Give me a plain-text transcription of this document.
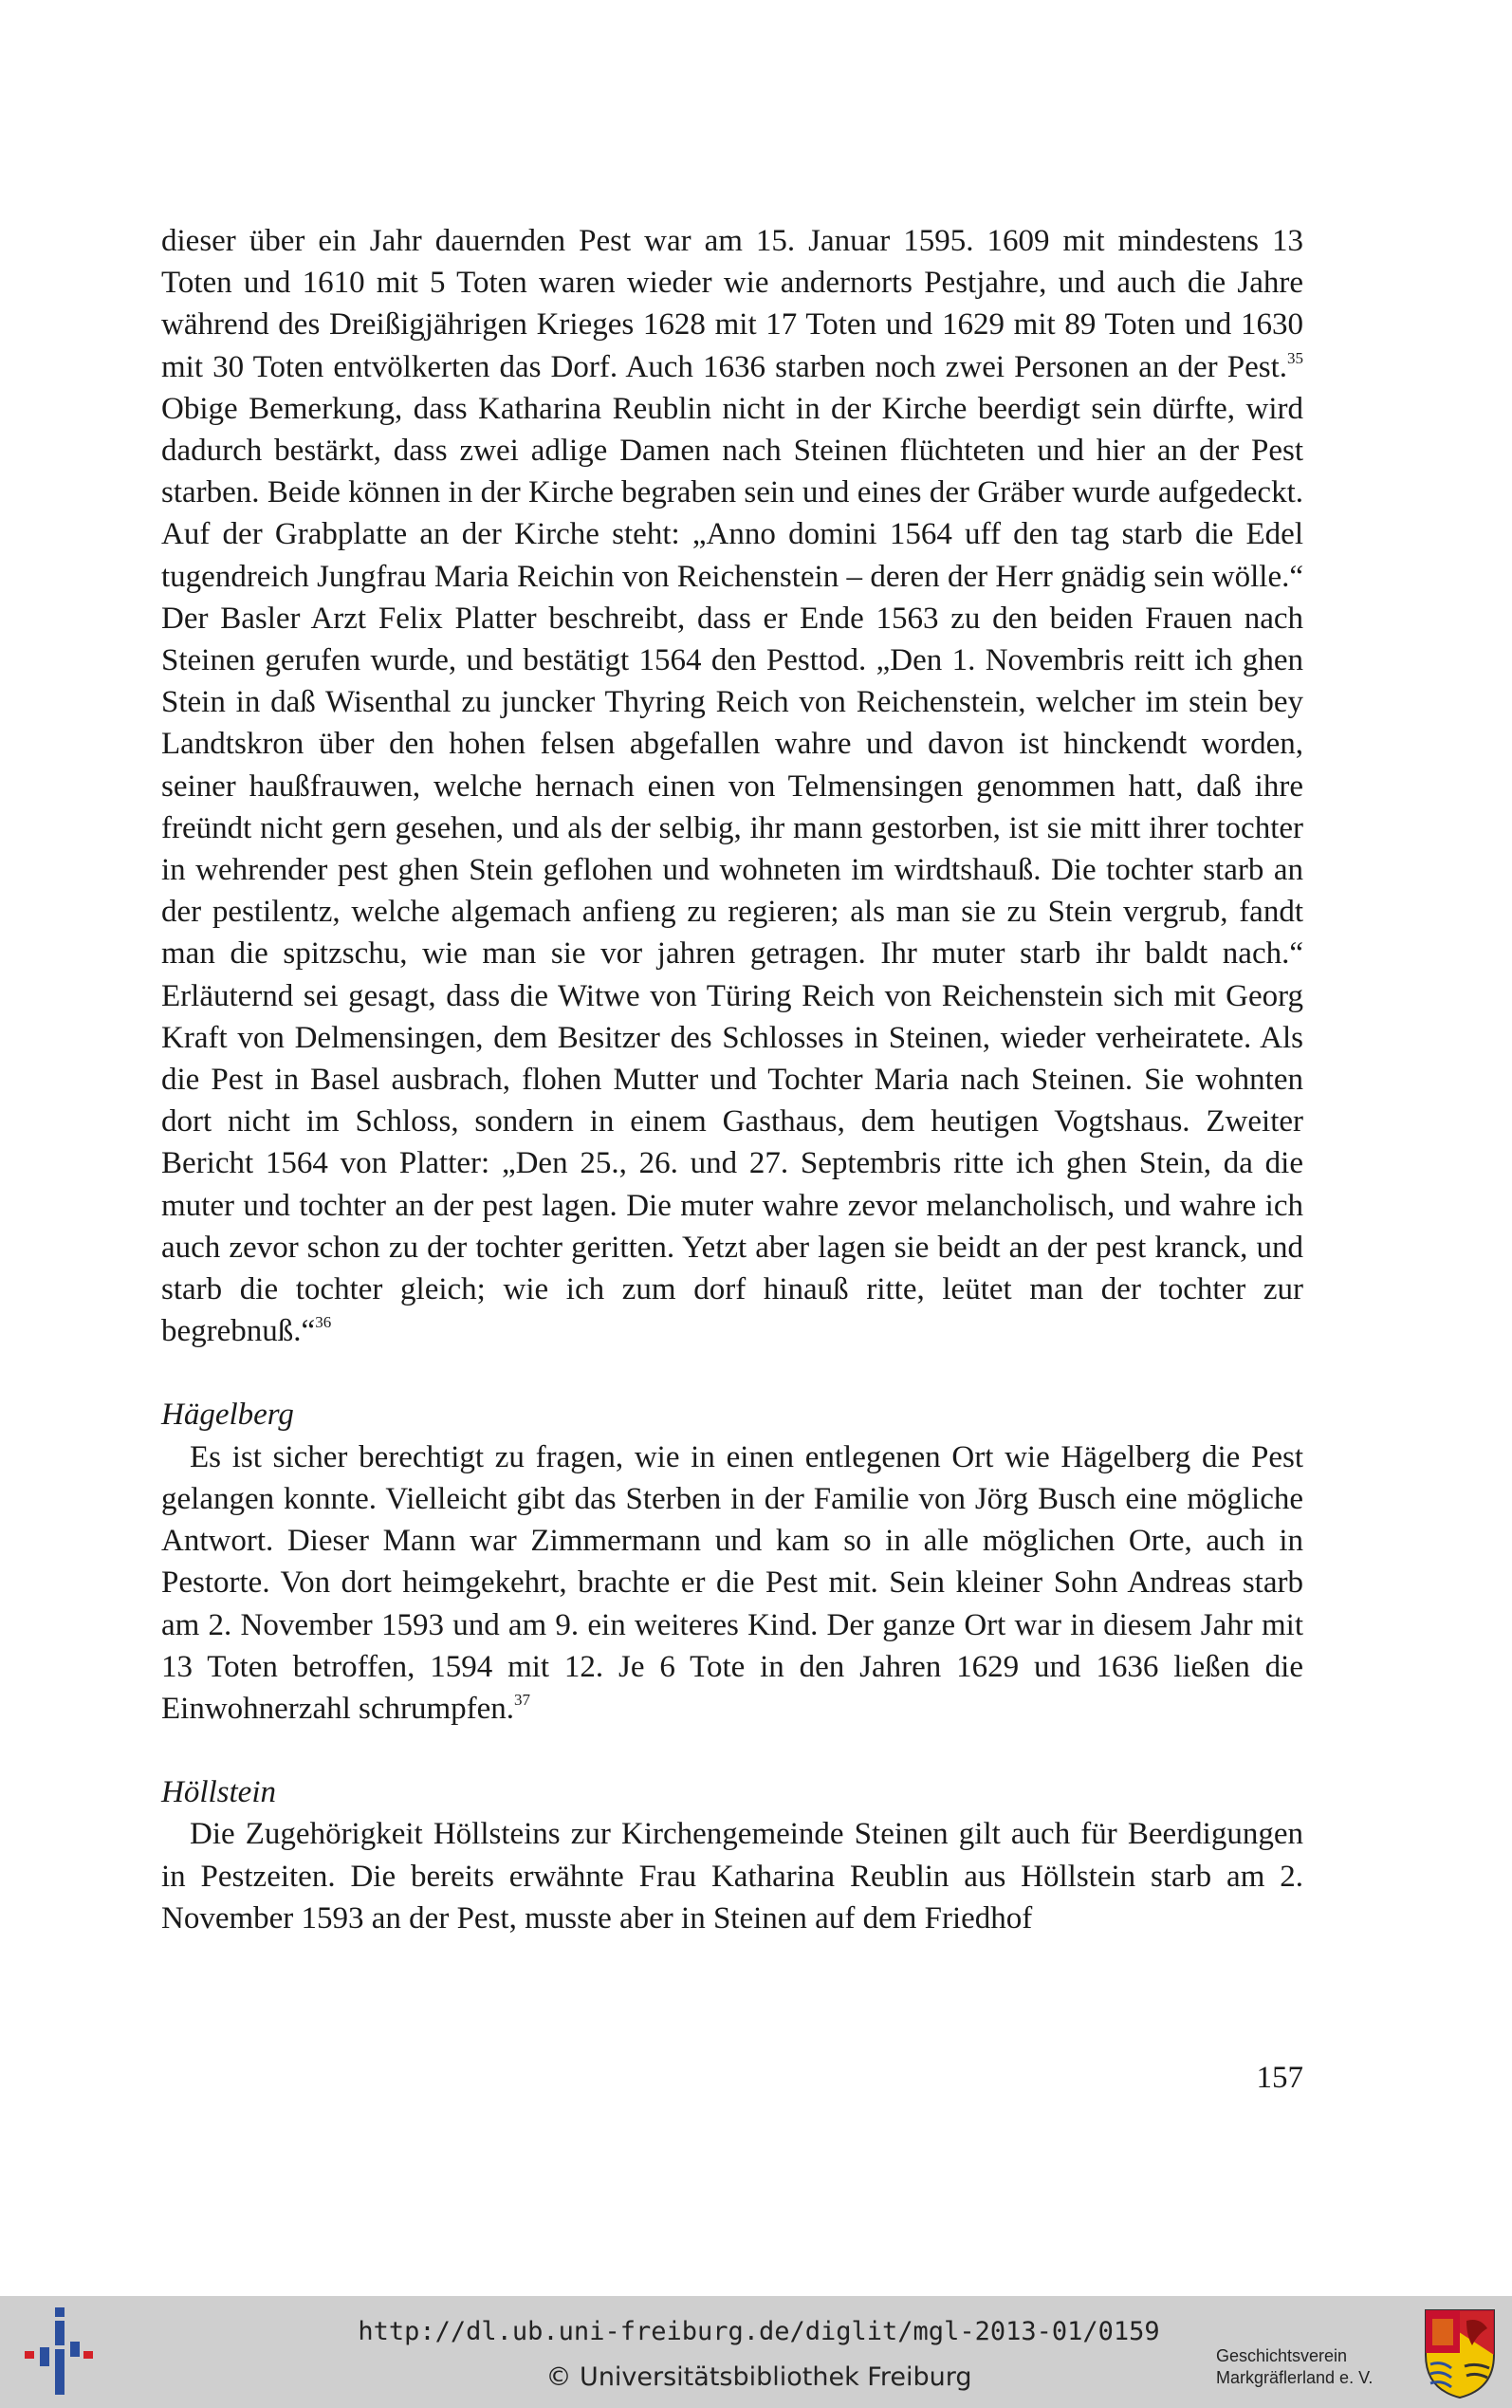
dieser über ein Jahr dauernden Pest war am 15. Januar 1595. 1609 mit mindestens 13 Toten und 1610 mit 5 Toten waren wieder wie andernorts Pestjahre, und auch die Jahre während des Dreißigjährigen Krieges 1628 mit 17 Toten und 1629 mit 89 Toten und 1630 mit 30 Toten entvölkerten das Dorf. Auch 1636 starben noch zwei Personen an der Pest.$^{35}$ Obige Bemerkung, dass Katharina Reublin nicht in der Kirche beerdigt sein dürfte, wird dadurch bestärkt, dass zwei adlige Damen nach Steinen flüchteten und hier an der Pest starben. Beide können in der Kirche begraben sein und eines der Gräber wurde aufgedeckt. Auf der Grabplatte an der Kirche steht: „Anno domini 1564 uff den tag starb die Edel tugendreich Jungfrau Maria Reichin von Reichenstein – deren der Herr gnädig sein wölle.“ Der Basler Arzt Felix Platter beschreibt, dass er Ende 1563 zu den beiden Frauen nach Steinen gerufen wurde, und bestätigt 1564 den Pesttod. „Den 1. Novembris reitt ich ghen Stein in daß Wisenthal zu juncker Thyring Reich von Reichenstein, welcher im stein bey Landtskron über den hohen felsen abgefallen wahre und davon ist hinckendt worden, seiner haußfrauwen, welche hernach einen von Telmensingen genommen hatt, daß ihre freündt nicht gern gesehen, und als der selbig, ihr mann gestorben, ist sie mitt ihrer tochter in wehrender pest ghen Stein geflohen und wohneten im wirdtshauß. Die tochter starb an der pestilentz, welche algemach anfieng zu regieren; als man sie zu Stein vergrub, fandt man die spitzschu, wie man sie vor jahren getragen. Ihr muter starb ihr baldt nach.“ Erläuternd sei gesagt, dass die Witwe von Türing Reich von Reichenstein sich mit Georg Kraft von Delmensingen, dem Besitzer des Schlosses in Steinen, wieder verheiratete. Als die Pest in Basel ausbrach, flohen Mutter und Tochter Maria nach Steinen. Sie wohnten dort nicht im Schloss, sondern in einem Gasthaus, dem heutigen Vogtshaus. Zweiter Bericht 1564 von Platter: „Den 25., 26. und 27. Septembris ritte ich ghen Stein, da die muter und tochter an der pest lagen. Die muter wahre zevor melancholisch, und wahre ich auch zevor schon zu der tochter geritten. Yetzt aber lagen sie beidt an der pest kranck, und starb die tochter gleich; wie ich zum dorf hinauß ritte, leütet man der tochter zur begrebnuß.“$^{36}$

Hägelberg

Es ist sicher berechtigt zu fragen, wie in einen entlegenen Ort wie Hägelberg die Pest gelangen konnte. Vielleicht gibt das Sterben in der Familie von Jörg Busch eine mögliche Antwort. Dieser Mann war Zimmermann und kam so in alle möglichen Orte, auch in Pestorte. Von dort heimgekehrt, brachte er die Pest mit. Sein kleiner Sohn Andreas starb am 2. November 1593 und am 9. ein weiteres Kind. Der ganze Ort war in diesem Jahr mit 13 Toten betroffen, 1594 mit 12. Je 6 Tote in den Jahren 1629 und 1636 ließen die Einwohnerzahl schrumpfen.$^{37}$

Höllstein

Die Zugehörigkeit Höllsteins zur Kirchengemeinde Steinen gilt auch für Beerdigungen in Pestzeiten. Die bereits erwähnte Frau Katharina Reublin aus Höllstein starb am 2. November 1593 an der Pest, musste aber in Steinen auf dem Friedhof

157
http://dl.ub.uni-freiburg.de/diglit/mgl-2013-01/0159
© Universitätsbibliothek Freiburg
Geschichtsverein
Markgräflerland e. V.
